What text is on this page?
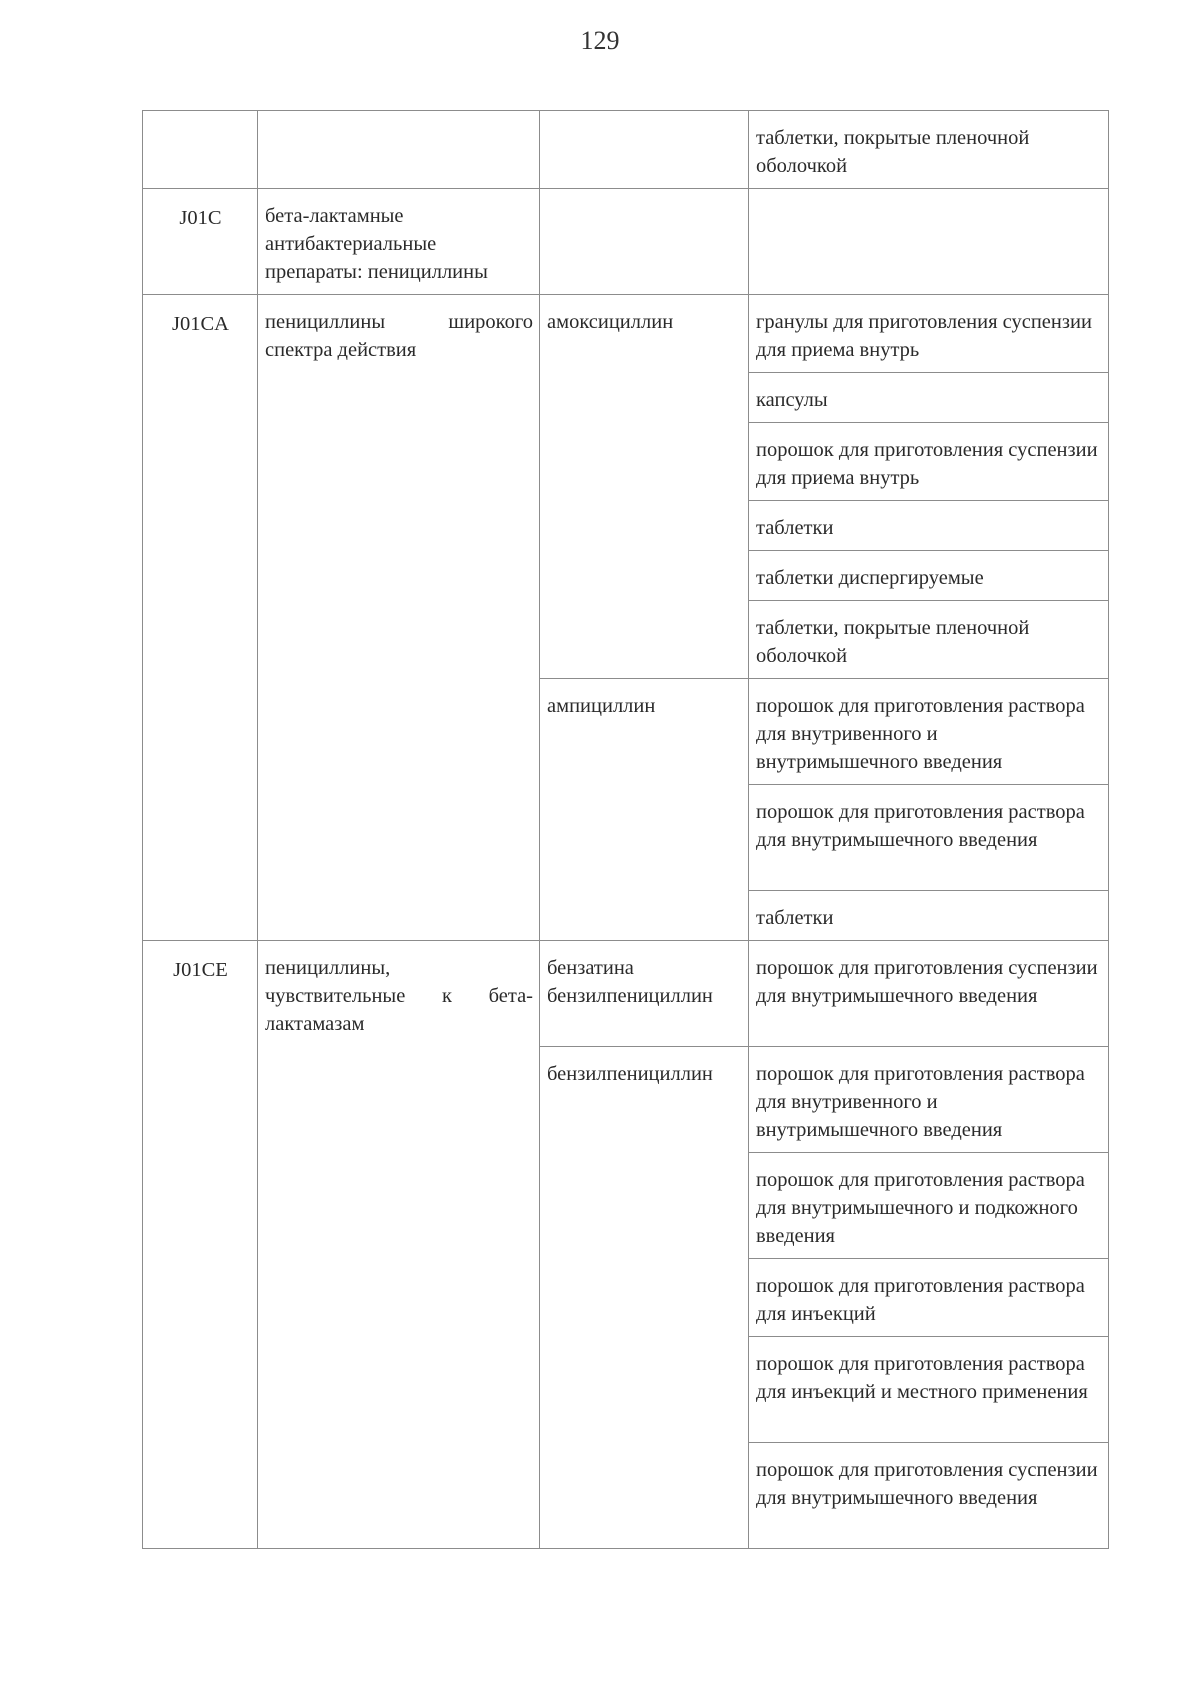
129
			таблетки, покрытые пленочной оболочкой
J01C	бета-лактамные антибактериальные препараты: пенициллины		
J01CA	пенициллины широкого спектра действия	амоксициллин	гранулы для приготовления суспензии для приема внутрь
			капсулы
			порошок для приготовления суспензии для приема внутрь
			таблетки
			таблетки диспергируемые
			таблетки, покрытые пленочной оболочкой
		ампициллин	порошок для приготовления раствора для внутривенного и внутримышечного введения
			порошок для приготовления раствора для внутримышечного введения
			таблетки
J01CE	пенициллины, чувствительные к бета-лактамазам	бензатина бензилпенициллин	порошок для приготовления суспензии для внутримышечного введения
		бензилпенициллин	порошок для приготовления раствора для внутривенного и внутримышечного введения
			порошок для приготовления раствора для внутримышечного и подкожного введения
			порошок для приготовления раствора для инъекций
			порошок для приготовления раствора для инъекций и местного применения
			порошок для приготовления суспензии для внутримышечного введения
